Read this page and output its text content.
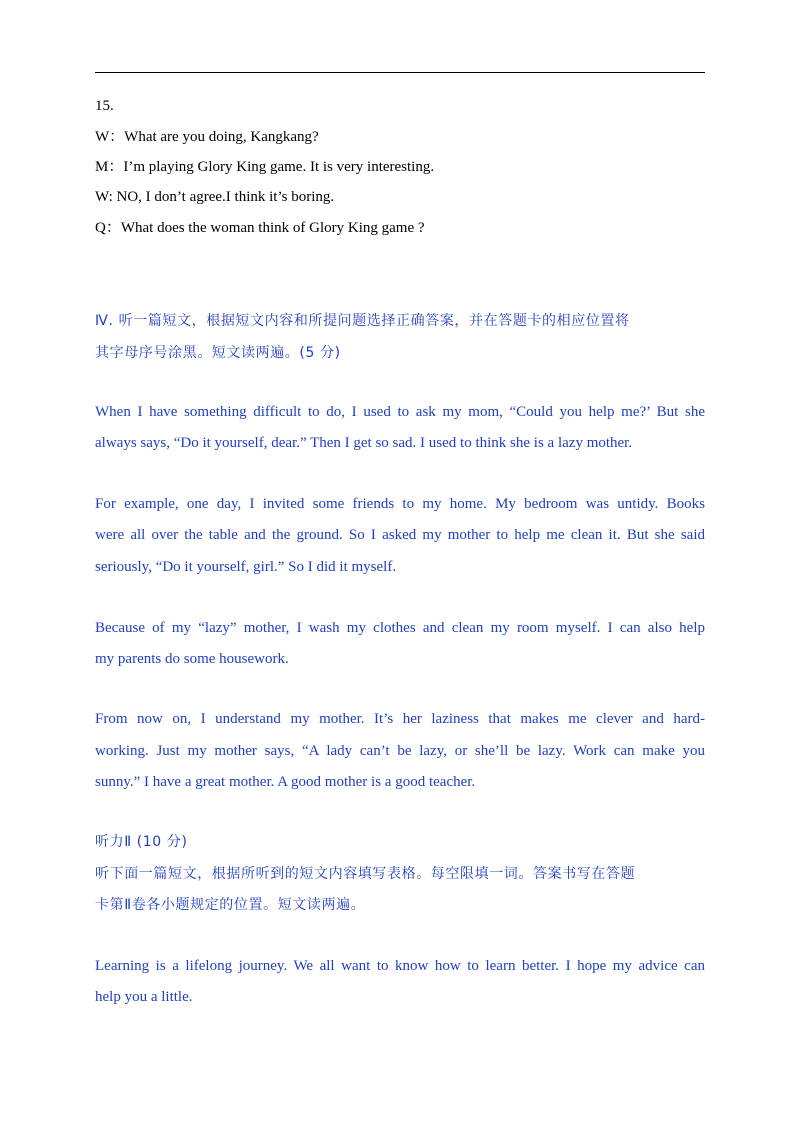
15.
W：What are you doing, Kangkang?
M：I’m playing Glory King game. It is very interesting.
W: NO, I don’t agree.I think it’s boring.
Q：What does the woman think of Glory King game ?
Ⅳ. 听一篇短文，根据短文内容和所提问题选择正确答案，并在答题卡的相应位置将
其字母序号涂黑。短文读两遍。(5 分)
When I have something difficult to do, I used to ask my mom, “Could you help me?’ But she
always says, “Do it yourself, dear.” Then I get so sad. I used to think she is a lazy mother.
For example, one day, I invited some friends to my home. My bedroom was untidy. Books
were all over the table and the ground. So I asked my mother to help me clean it. But she said
seriously, “Do it yourself, girl.” So I did it myself.
Because of my “lazy” mother, I wash my clothes and clean my room myself. I can also help
my parents do some housework.
From now on, I understand my mother. It’s her laziness that makes me clever and hard-
working. Just my mother says, “A lady can’t be lazy, or she’ll be lazy. Work can make you
sunny.” I have a great mother. A good mother is a good teacher.
听力Ⅱ (10 分)
听下面一篇短文，根据所听到的短文内容填写表格。每空限填一词。答案书写在答题
卡第Ⅱ卷各小题规定的位置。短文读两遍。
Learning is a lifelong journey. We all want to know how to learn better. I hope my advice can
help you a little.
